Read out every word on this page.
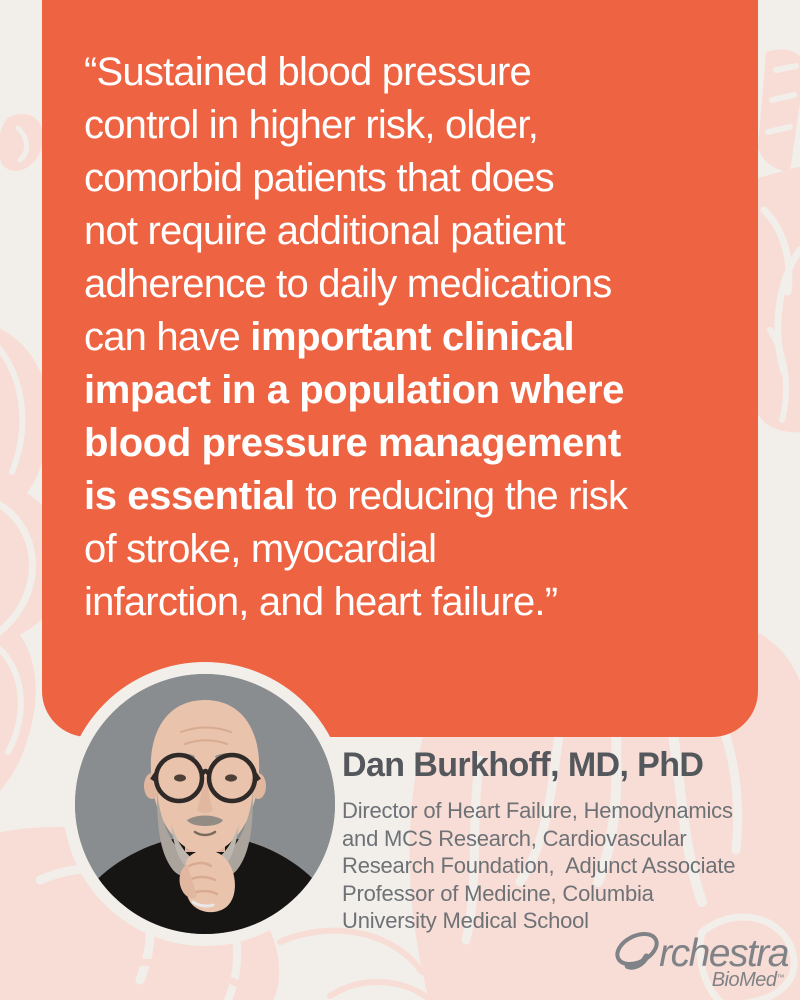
“Sustained blood pressure
control in higher risk, older,
comorbid patients that does
not require additional patient
adherence to daily medications
can have important clinical
impact in a population where
blood pressure management
is essential to reducing the risk
of stroke, myocardial
infarction, and heart failure.”
Dan Burkhoff, MD, PhD
Director of Heart Failure, Hemodynamics
and MCS Research, Cardiovascular
Research Foundation,  Adjunct Associate
Professor of Medicine, Columbia
University Medical School
rchestra
BioMed™
